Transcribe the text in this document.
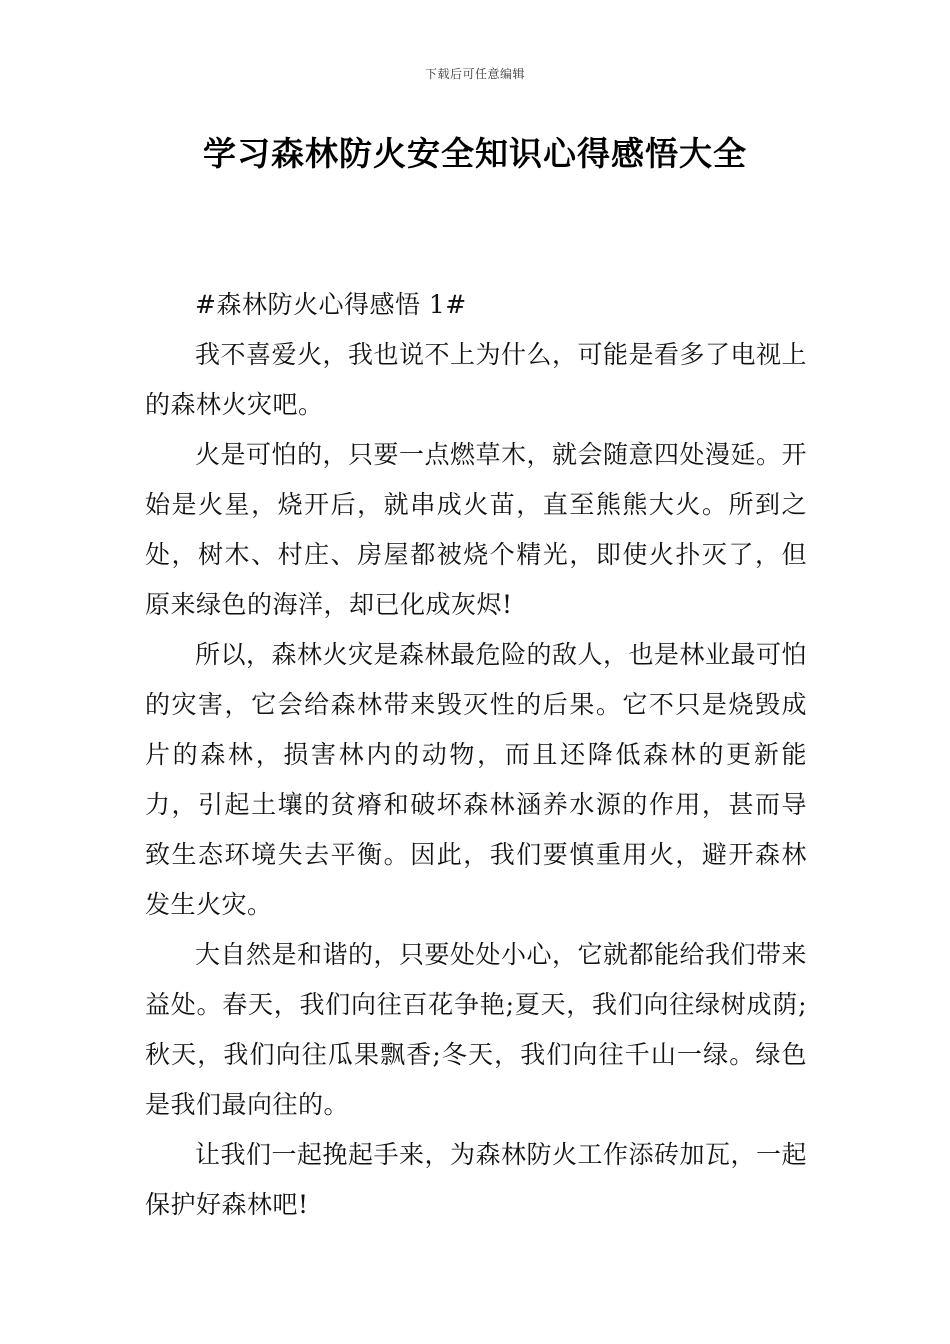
下载后可任意编辑
学习森林防火安全知识心得感悟大全

#森林防火心得感悟 1#

我不喜爱火，我也说不上为什么，可能是看多了电视上的森林火灾吧。

火是可怕的，只要一点燃草木，就会随意四处漫延。开始是火星，烧开后，就串成火苗，直至熊熊大火。所到之处，树木、村庄、房屋都被烧个精光，即使火扑灭了，但原来绿色的海洋，却已化成灰烬!

所以，森林火灾是森林最危险的敌人，也是林业最可怕的灾害，它会给森林带来毁灭性的后果。它不只是烧毁成片的森林，损害林内的动物，而且还降低森林的更新能力，引起土壤的贫瘠和破坏森林涵养水源的作用，甚而导致生态环境失去平衡。因此，我们要慎重用火，避开森林发生火灾。

大自然是和谐的，只要处处小心，它就都能给我们带来益处。春天，我们向往百花争艳;夏天，我们向往绿树成荫;秋天，我们向往瓜果飘香;冬天，我们向往千山一绿。绿色是我们最向往的。

让我们一起挽起手来，为森林防火工作添砖加瓦，一起保护好森林吧!
